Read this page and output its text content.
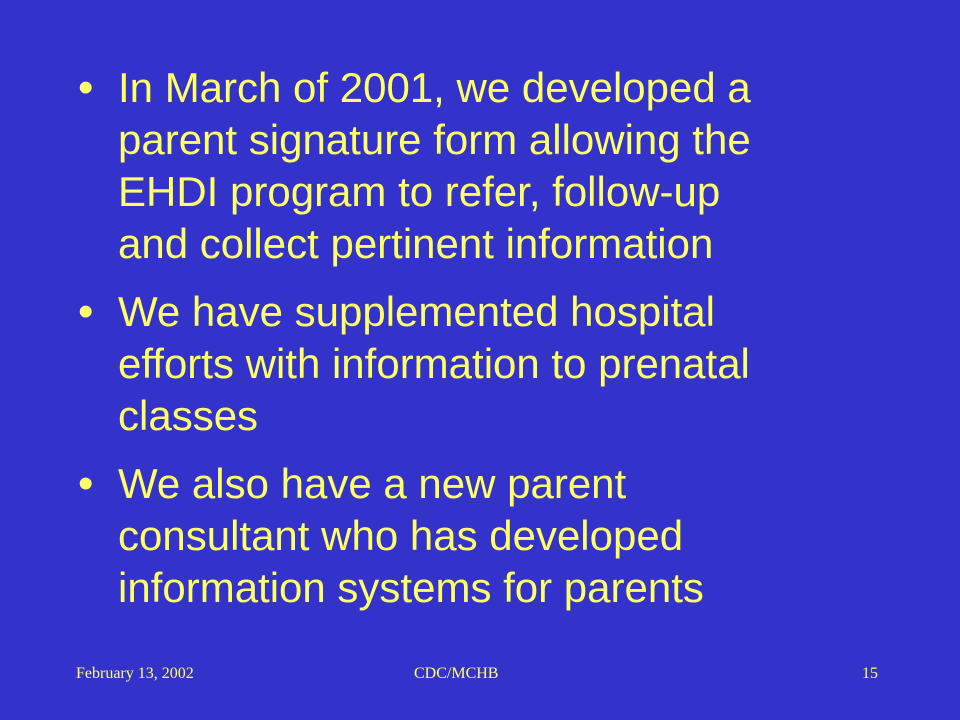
• In March of 2001, we developed a
parent signature form allowing the
EHDI program to refer, follow-up
and collect pertinent information
• We have supplemented hospital
efforts with information to prenatal
classes
• We also have a new parent
consultant who has developed
information systems for parents
February 13, 2002	CDC/MCHB	15
